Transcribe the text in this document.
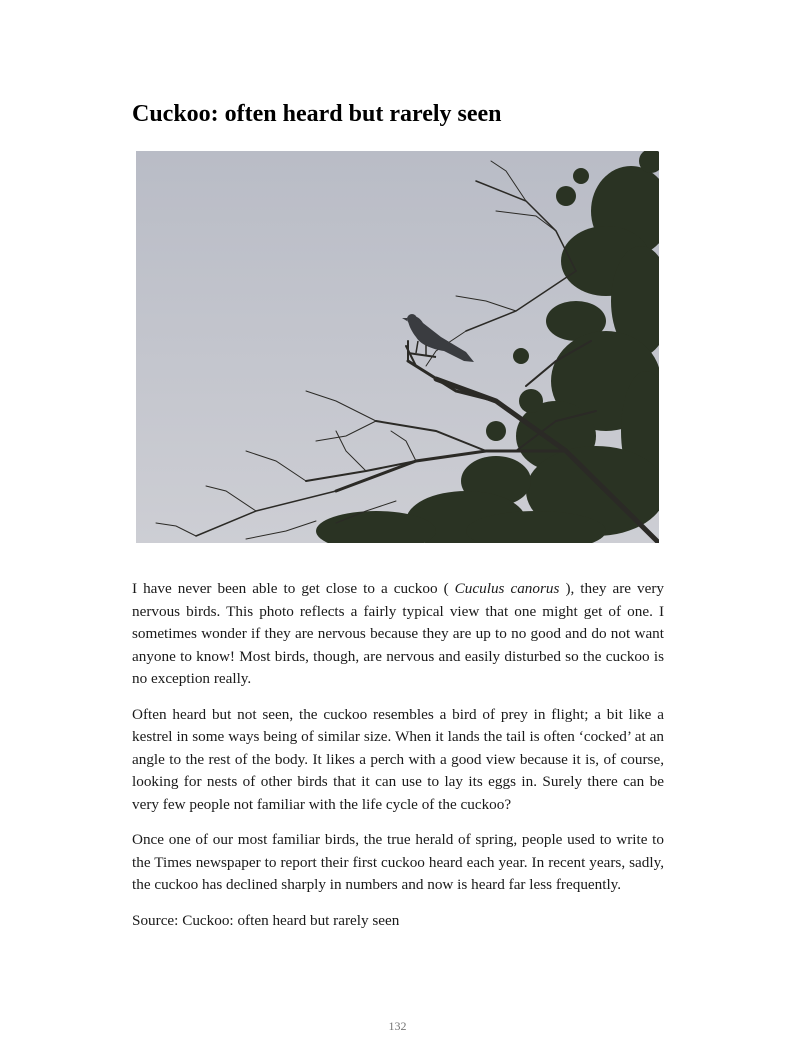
Cuckoo: often heard but rarely seen

I have never been able to get close to a cuckoo ( Cuculus canorus ), they are very nervous birds. This photo reflects a fairly typical view that one might get of one. I sometimes wonder if they are nervous because they are up to no good and do not want anyone to know! Most birds, though, are nervous and easily disturbed so the cuckoo is no exception really.

Often heard but not seen, the cuckoo resembles a bird of prey in flight; a bit like a kestrel in some ways being of similar size. When it lands the tail is often ‘cocked’ at an angle to the rest of the body. It likes a perch with a good view because it is, of course, looking for nests of other birds that it can use to lay its eggs in. Surely there can be very few people not familiar with the life cycle of the cuckoo?

Once one of our most familiar birds, the true herald of spring, people used to write to the Times newspaper to report their first cuckoo heard each year. In recent years, sadly, the cuckoo has declined sharply in numbers and now is heard far less frequently.

Source: Cuckoo: often heard but rarely seen

132
